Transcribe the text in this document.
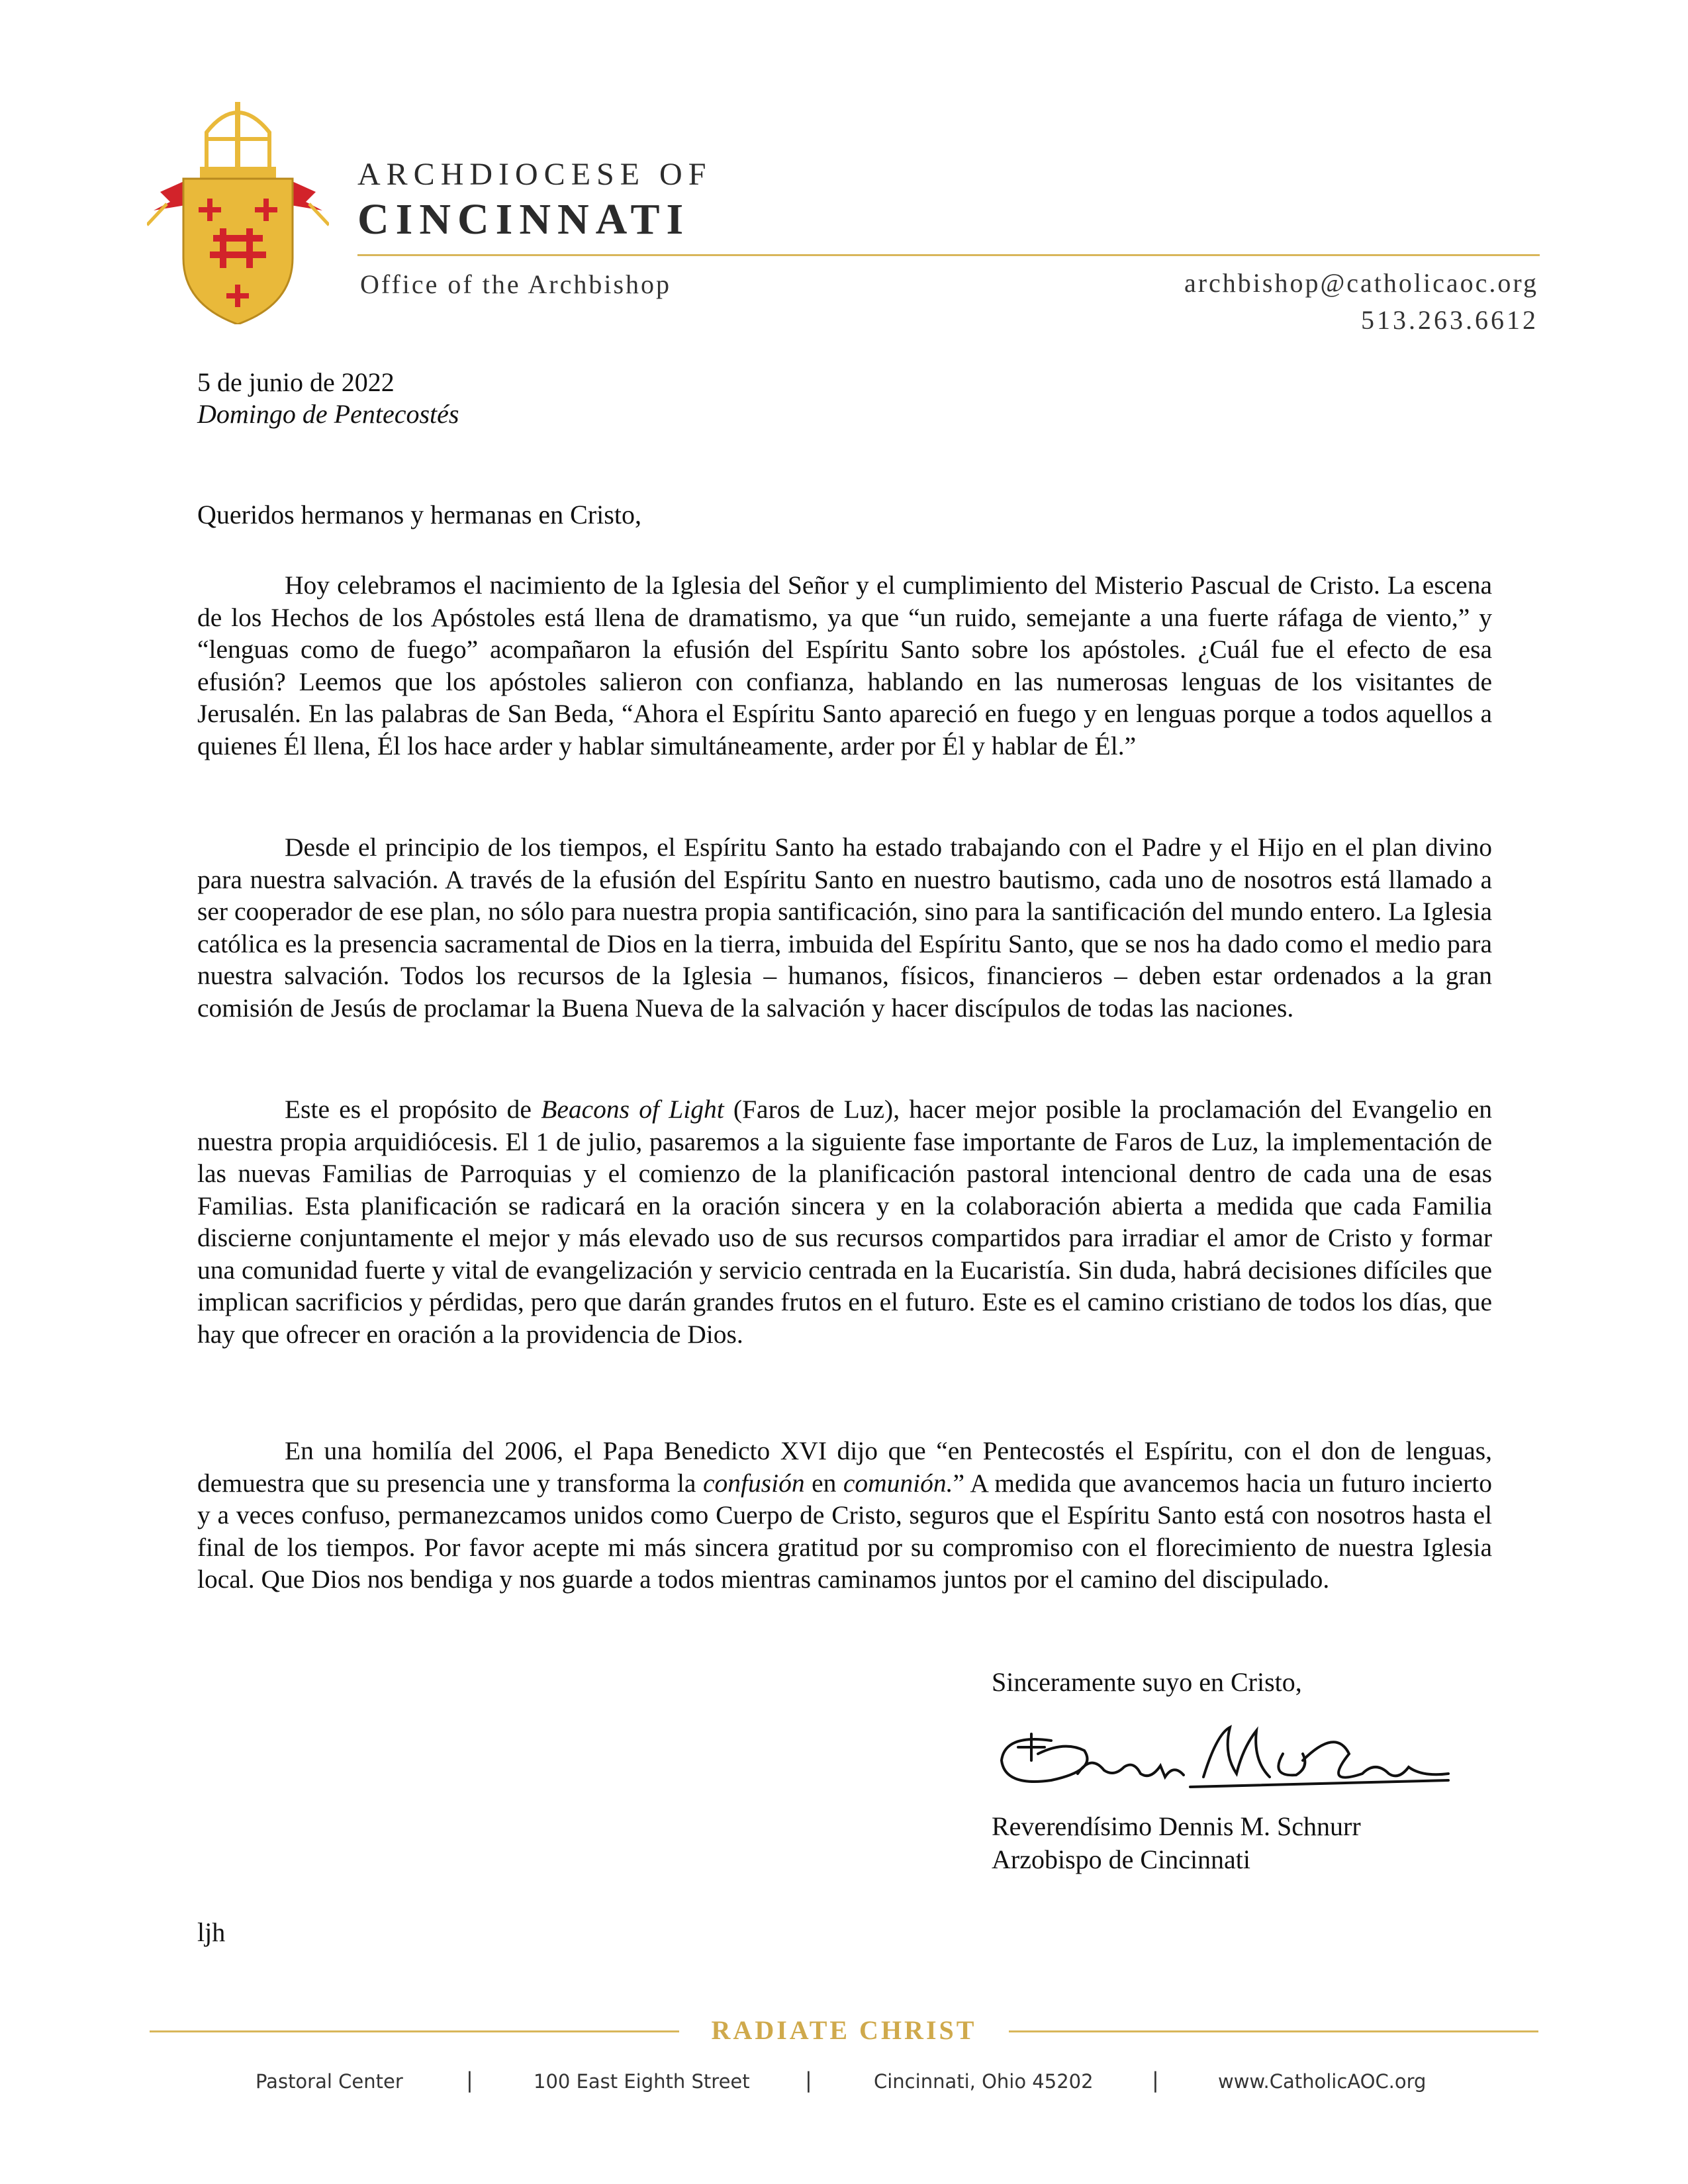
ARCHDIOCESE OF
CINCINNATI
Office of the Archbishop	archbishop@catholicaoc.org
513.263.6612
5 de junio de 2022
Domingo de Pentecostés
Queridos hermanos y hermanas en Cristo,

Hoy celebramos el nacimiento de la Iglesia del Señor y el cumplimiento del Misterio Pascual de Cristo. La escena de los Hechos de los Apóstoles está llena de dramatismo, ya que “un ruido, semejante a una fuerte ráfaga de viento,” y “lenguas como de fuego” acompañaron la efusión del Espíritu Santo sobre los apóstoles. ¿Cuál fue el efecto de esa efusión? Leemos que los apóstoles salieron con confianza, hablando en las numerosas lenguas de los visitantes de Jerusalén. En las palabras de San Beda, “Ahora el Espíritu Santo apareció en fuego y en lenguas porque a todos aquellos a quienes Él llena, Él los hace arder y hablar simultáneamente, arder por Él y hablar de Él.”

Desde el principio de los tiempos, el Espíritu Santo ha estado trabajando con el Padre y el Hijo en el plan divino para nuestra salvación. A través de la efusión del Espíritu Santo en nuestro bautismo, cada uno de nosotros está llamado a ser cooperador de ese plan, no sólo para nuestra propia santificación, sino para la santificación del mundo entero. La Iglesia católica es la presencia sacramental de Dios en la tierra, imbuida del Espíritu Santo, que se nos ha dado como el medio para nuestra salvación. Todos los recursos de la Iglesia – humanos, físicos, financieros – deben estar ordenados a la gran comisión de Jesús de proclamar la Buena Nueva de la salvación y hacer discípulos de todas las naciones.

Este es el propósito de Beacons of Light (Faros de Luz), hacer mejor posible la proclamación del Evangelio en nuestra propia arquidiócesis. El 1 de julio, pasaremos a la siguiente fase importante de Faros de Luz, la implementación de las nuevas Familias de Parroquias y el comienzo de la planificación pastoral intencional dentro de cada una de esas Familias. Esta planificación se radicará en la oración sincera y en la colaboración abierta a medida que cada Familia discierne conjuntamente el mejor y más elevado uso de sus recursos compartidos para irradiar el amor de Cristo y formar una comunidad fuerte y vital de evangelización y servicio centrada en la Eucaristía. Sin duda, habrá decisiones difíciles que implican sacrificios y pérdidas, pero que darán grandes frutos en el futuro. Este es el camino cristiano de todos los días, que hay que ofrecer en oración a la providencia de Dios.

En una homilía del 2006, el Papa Benedicto XVI dijo que “en Pentecostés el Espíritu, con el don de lenguas, demuestra que su presencia une y transforma la confusión en comunión.” A medida que avancemos hacia un futuro incierto y a veces confuso, permanezcamos unidos como Cuerpo de Cristo, seguros que el Espíritu Santo está con nosotros hasta el final de los tiempos. Por favor acepte mi más sincera gratitud por su compromiso con el florecimiento de nuestra Iglesia local. Que Dios nos bendiga y nos guarde a todos mientras caminamos juntos por el camino del discipulado.

Sinceramente suyo en Cristo,
Reverendísimo Dennis M. Schnurr
Arzobispo de Cincinnati
ljh
RADIATE CHRIST
Pastoral Center	|	100 East Eighth Street	|	Cincinnati, Ohio 45202	|	www.CatholicAOC.org
